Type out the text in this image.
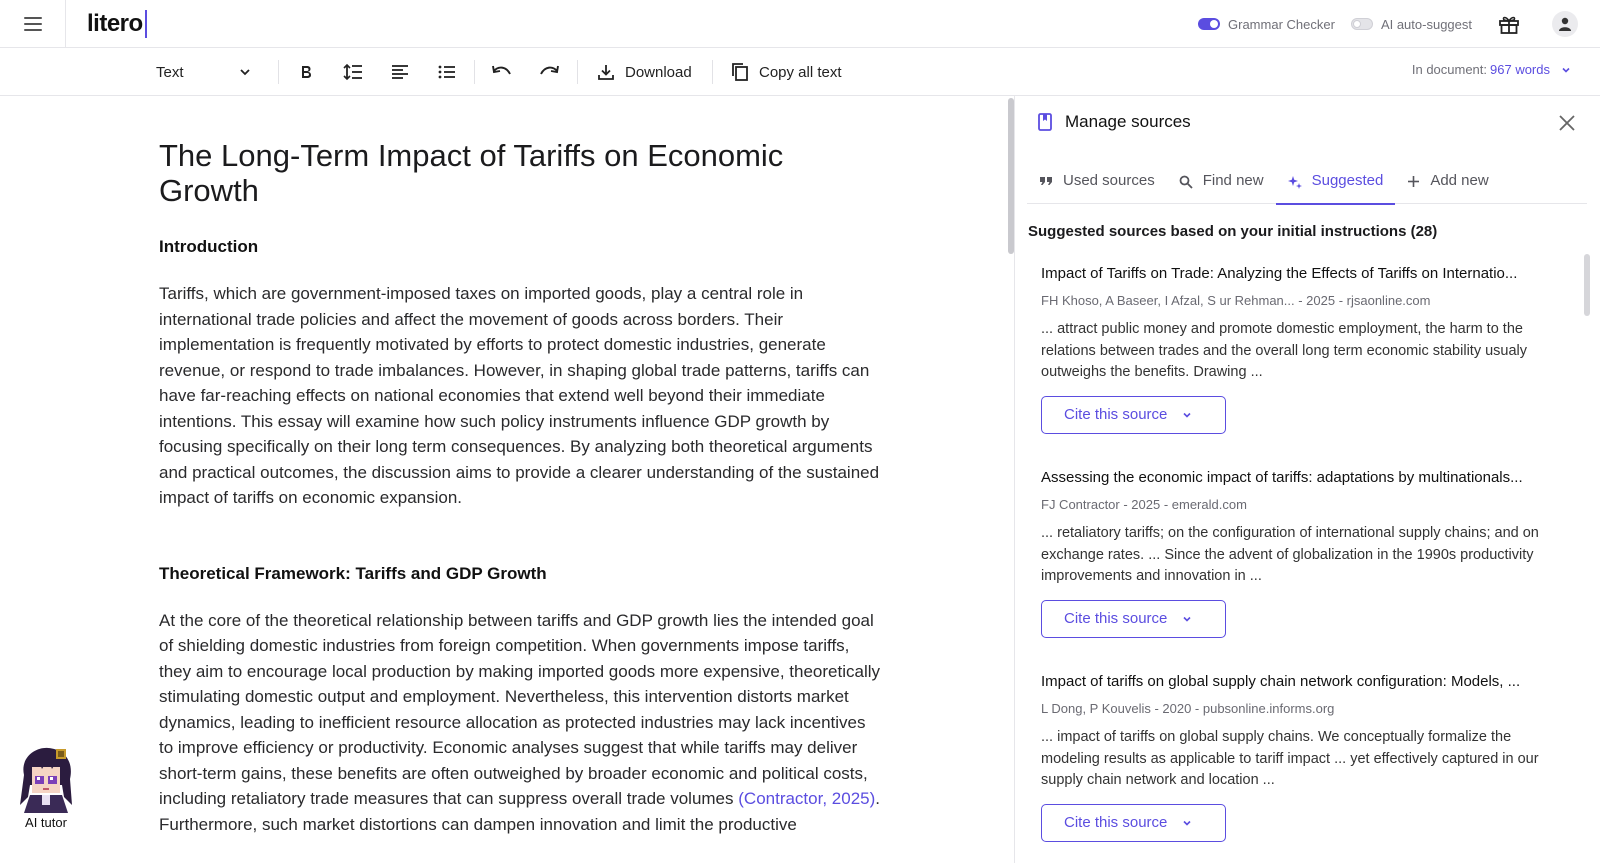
litero	Grammar Checker	AI auto-suggest
Text	Download	Copy all text	In document: 967 words
The Long-Term Impact of Tariffs on Economic Growth
Introduction

Tariffs, which are government-imposed taxes on imported goods, play a central role in international trade policies and affect the movement of goods across borders. Their implementation is frequently motivated by efforts to protect domestic industries, generate revenue, or respond to trade imbalances. However, in shaping global trade patterns, tariffs can have far-reaching effects on national economies that extend well beyond their immediate intentions. This essay will examine how such policy instruments influence GDP growth by focusing specifically on their long term consequences. By analyzing both theoretical arguments and practical outcomes, the discussion aims to provide a clearer understanding of the sustained impact of tariffs on economic expansion.

Theoretical Framework: Tariffs and GDP Growth

At the core of the theoretical relationship between tariffs and GDP growth lies the intended goal of shielding domestic industries from foreign competition. When governments impose tariffs, they aim to encourage local production by making imported goods more expensive, theoretically stimulating domestic output and employment. Nevertheless, this intervention distorts market dynamics, leading to inefficient resource allocation as protected industries may lack incentives to improve efficiency or productivity. Economic analyses suggest that while tariffs may deliver short-term gains, these benefits are often outweighed by broader economic and political costs, including retaliatory trade measures that can suppress overall trade volumes (Contractor, 2025). Furthermore, such market distortions can dampen innovation and limit the productive

AI tutor
Manage sources
Used sources	Find new	Suggested	Add new
Suggested sources based on your initial instructions (28)
Impact of Tariffs on Trade: Analyzing the Effects of Tariffs on Internatio...
FH Khoso, A Baseer, I Afzal, S ur Rehman... - 2025 - rjsaonline.com
... attract public money and promote domestic employment, the harm to the relations between trades and the overall long term economic stability usualy outweighs the benefits. Drawing ...
Cite this source
Assessing the economic impact of tariffs: adaptations by multinationals...
FJ Contractor - 2025 - emerald.com
... retaliatory tariffs; on the configuration of international supply chains; and on exchange rates. ... Since the advent of globalization in the 1990s productivity improvements and innovation in ...
Cite this source
Impact of tariffs on global supply chain network configuration: Models, ...
L Dong, P Kouvelis - 2020 - pubsonline.informs.org
... impact of tariffs on global supply chains. We conceptually formalize the modeling results as applicable to tariff impact ... yet effectively captured in our supply chain network and location ...
Cite this source
